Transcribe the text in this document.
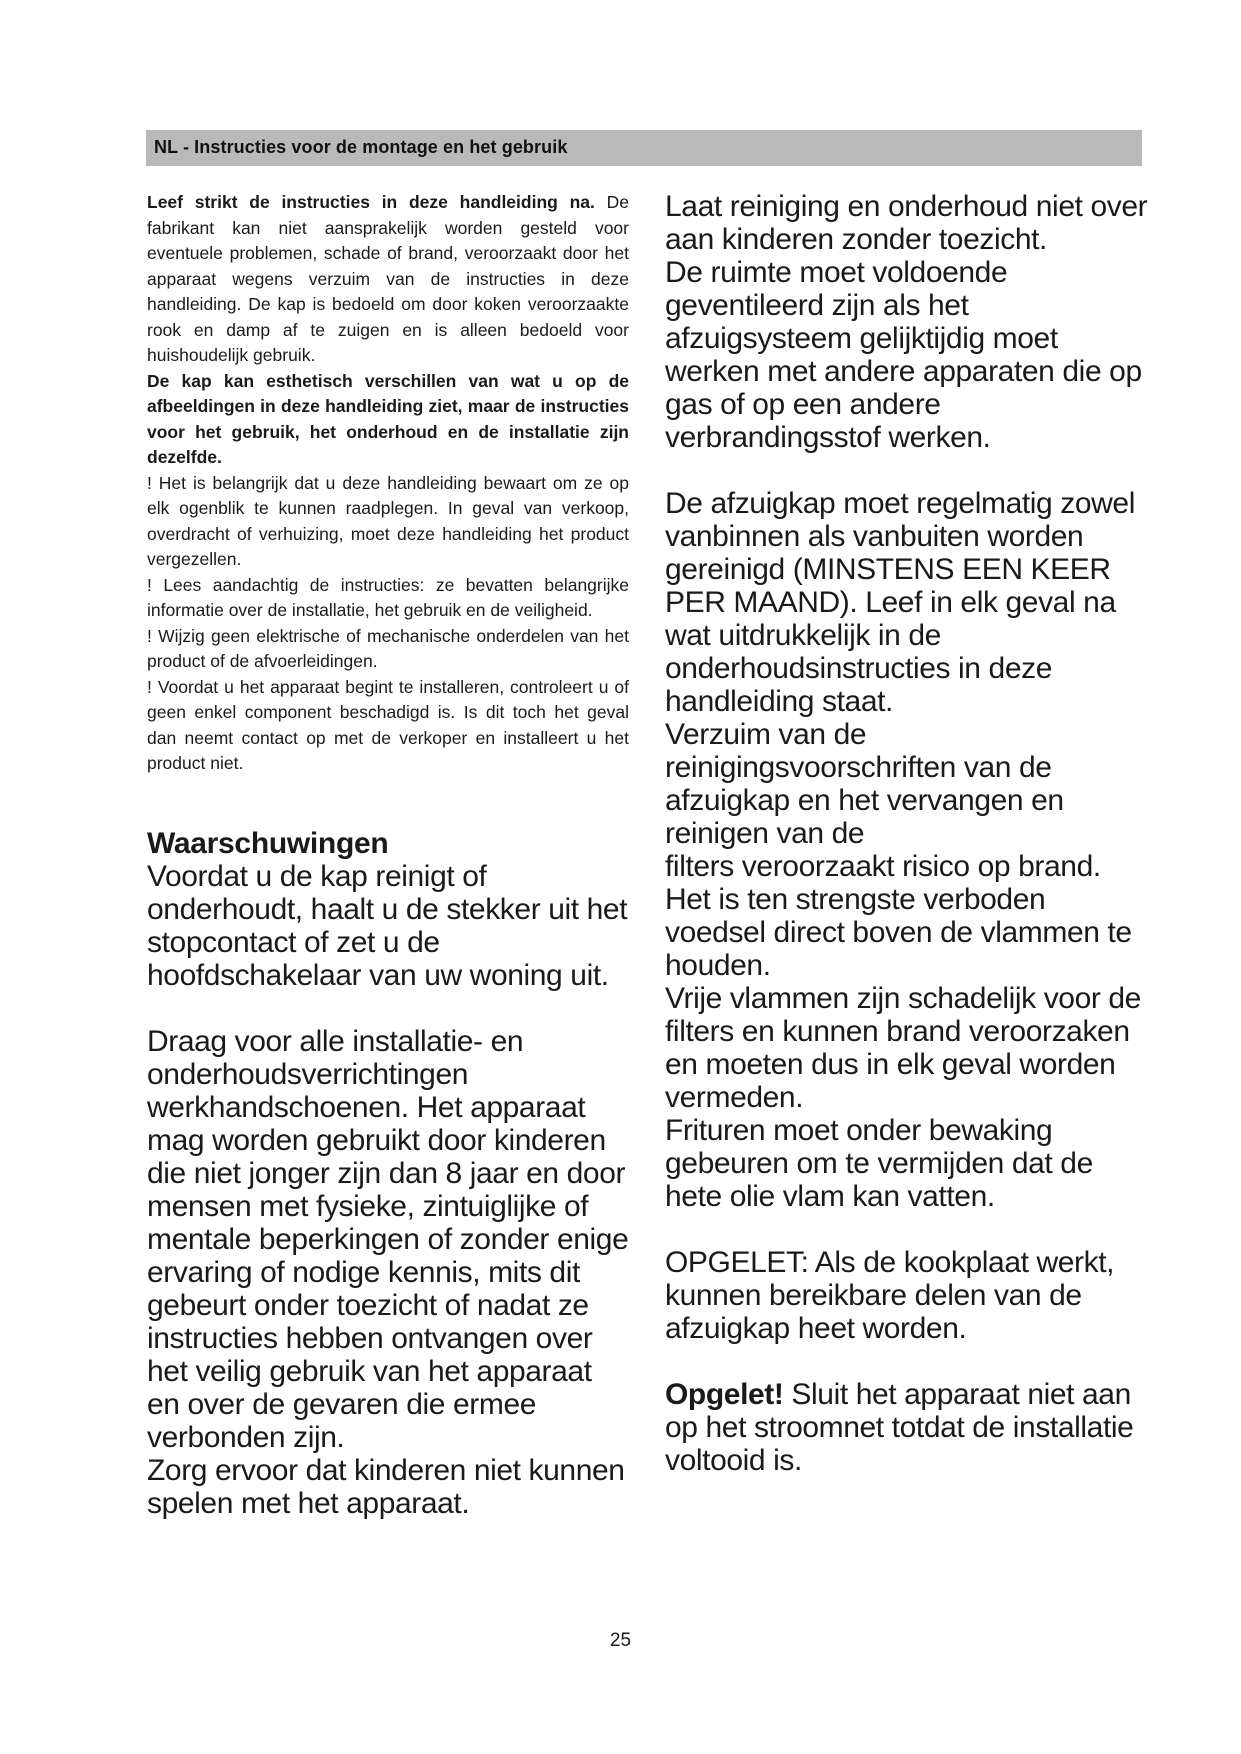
NL - Instructies voor de montage en het gebruik

Leef strikt de instructies in deze handleiding na. De fabrikant kan niet aansprakelijk worden gesteld voor eventuele problemen, schade of brand, veroorzaakt door het apparaat wegens verzuim van de instructies in deze handleiding. De kap is bedoeld om door koken veroorzaakte rook en damp af te zuigen en is alleen bedoeld voor huishoudelijk gebruik.

De kap kan esthetisch verschillen van wat u op de afbeeldingen in deze handleiding ziet, maar de instructies voor het gebruik, het onderhoud en de installatie zijn dezelfde.

! Het is belangrijk dat u deze handleiding bewaart om ze op elk ogenblik te kunnen raadplegen. In geval van verkoop, overdracht of verhuizing, moet deze handleiding het product vergezellen.

! Lees aandachtig de instructies: ze bevatten belangrijke informatie over de installatie, het gebruik en de veiligheid.

! Wijzig geen elektrische of mechanische onderdelen van het product of de afvoerleidingen.

! Voordat u het apparaat begint te installeren, controleert u of geen enkel component beschadigd is. Is dit toch het geval dan neemt contact op met de verkoper en installeert u het product niet.

Waarschuwingen

Voordat u de kap reinigt of onderhoudt, haalt u de stekker uit het stopcontact of zet u de hoofdschakelaar van uw woning uit.

Draag voor alle installatie- en onderhoudsverrichtingen werkhandschoenen. Het apparaat mag worden gebruikt door kinderen die niet jonger zijn dan 8 jaar en door mensen met fysieke, zintuiglijke of mentale beperkingen of zonder enige ervaring of nodige kennis, mits dit gebeurt onder toezicht of nadat ze instructies hebben ontvangen over het veilig gebruik van het apparaat en over de gevaren die ermee verbonden zijn.

Zorg ervoor dat kinderen niet kunnen spelen met het apparaat.

Laat reiniging en onderhoud niet over aan kinderen zonder toezicht.

De ruimte moet voldoende geventileerd zijn als het afzuigsysteem gelijktijdig moet werken met andere apparaten die op gas of op een andere verbrandingsstof werken.

De afzuigkap moet regelmatig zowel vanbinnen als vanbuiten worden gereinigd (MINSTENS EEN KEER PER MAAND). Leef in elk geval na wat uitdrukkelijk in de onderhoudsinstructies in deze handleiding staat.

Verzuim van de reinigingsvoorschriften van de afzuigkap en het vervangen en reinigen van de

filters veroorzaakt risico op brand.

Het is ten strengste verboden voedsel direct boven de vlammen te houden.

Vrije vlammen zijn schadelijk voor de filters en kunnen brand veroorzaken en moeten dus in elk geval worden vermeden.

Frituren moet onder bewaking gebeuren om te vermijden dat de hete olie vlam kan vatten.

OPGELET: Als de kookplaat werkt, kunnen bereikbare delen van de afzuigkap heet worden.

Opgelet! Sluit het apparaat niet aan op het stroomnet totdat de installatie voltooid is.

25
